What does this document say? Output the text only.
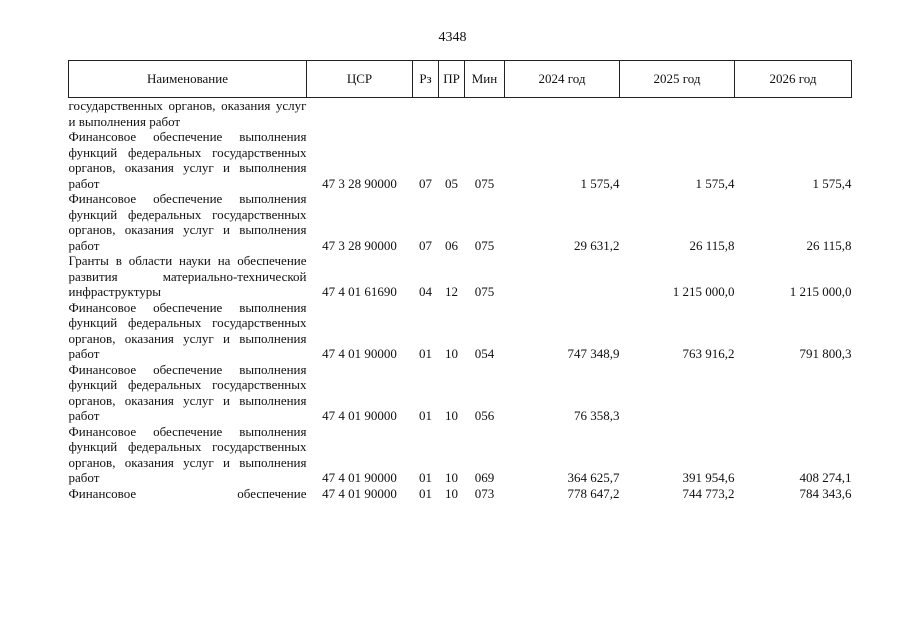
4348
Наименование	ЦСР	Рз	ПР	Мин	2024 год	2025 год	2026 год
государственных органов, оказания услуг и выполнения работ							
Финансовое обеспечение выполнения функций федеральных государственных органов, оказания услуг и выполнения работ	47 3 28 90000	07	05	075	1 575,4	1 575,4	1 575,4
Финансовое обеспечение выполнения функций федеральных государственных органов, оказания услуг и выполнения работ	47 3 28 90000	07	06	075	29 631,2	26 115,8	26 115,8
Гранты в области науки на обеспечение развития материально-технической инфраструктуры	47 4 01 61690	04	12	075		1 215 000,0	1 215 000,0
Финансовое обеспечение выполнения функций федеральных государственных органов, оказания услуг и выполнения работ	47 4 01 90000	01	10	054	747 348,9	763 916,2	791 800,3
Финансовое обеспечение выполнения функций федеральных государственных органов, оказания услуг и выполнения работ	47 4 01 90000	01	10	056	76 358,3		
Финансовое обеспечение выполнения функций федеральных государственных органов, оказания услуг и выполнения работ	47 4 01 90000	01	10	069	364 625,7	391 954,6	408 274,1
Финансовое обеспечение	47 4 01 90000	01	10	073	778 647,2	744 773,2	784 343,6
